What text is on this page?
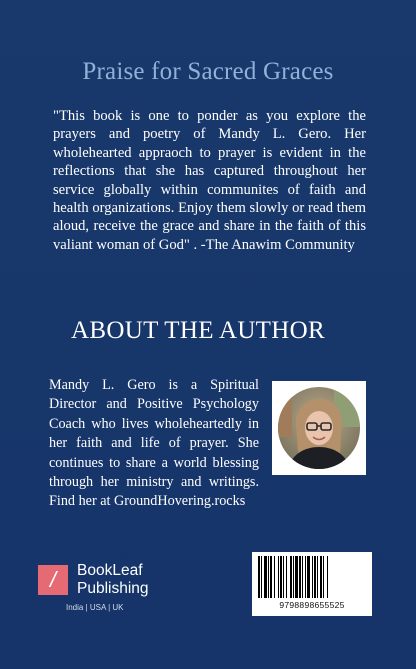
Praise for Sacred Graces
"This book is one to ponder as you explore the prayers and poetry of Mandy L. Gero. Her wholehearted appraoch to prayer is evident in the reflections that she has captured throughout her service globally within communites of faith and health organizations. Enjoy them slowly or read them aloud, receive the grace and share in the faith of this valiant woman of God" . -The Anawim Community
ABOUT THE AUTHOR
Mandy L. Gero is a Spiritual Director and Positive Psychology Coach who lives wholeheartedly in her faith and life of prayer. She continues to share a world blessing through her ministry and writings. Find her at GroundHovering.rocks
/	BookLeaf
Publishing
India | USA | UK	9798898655525
